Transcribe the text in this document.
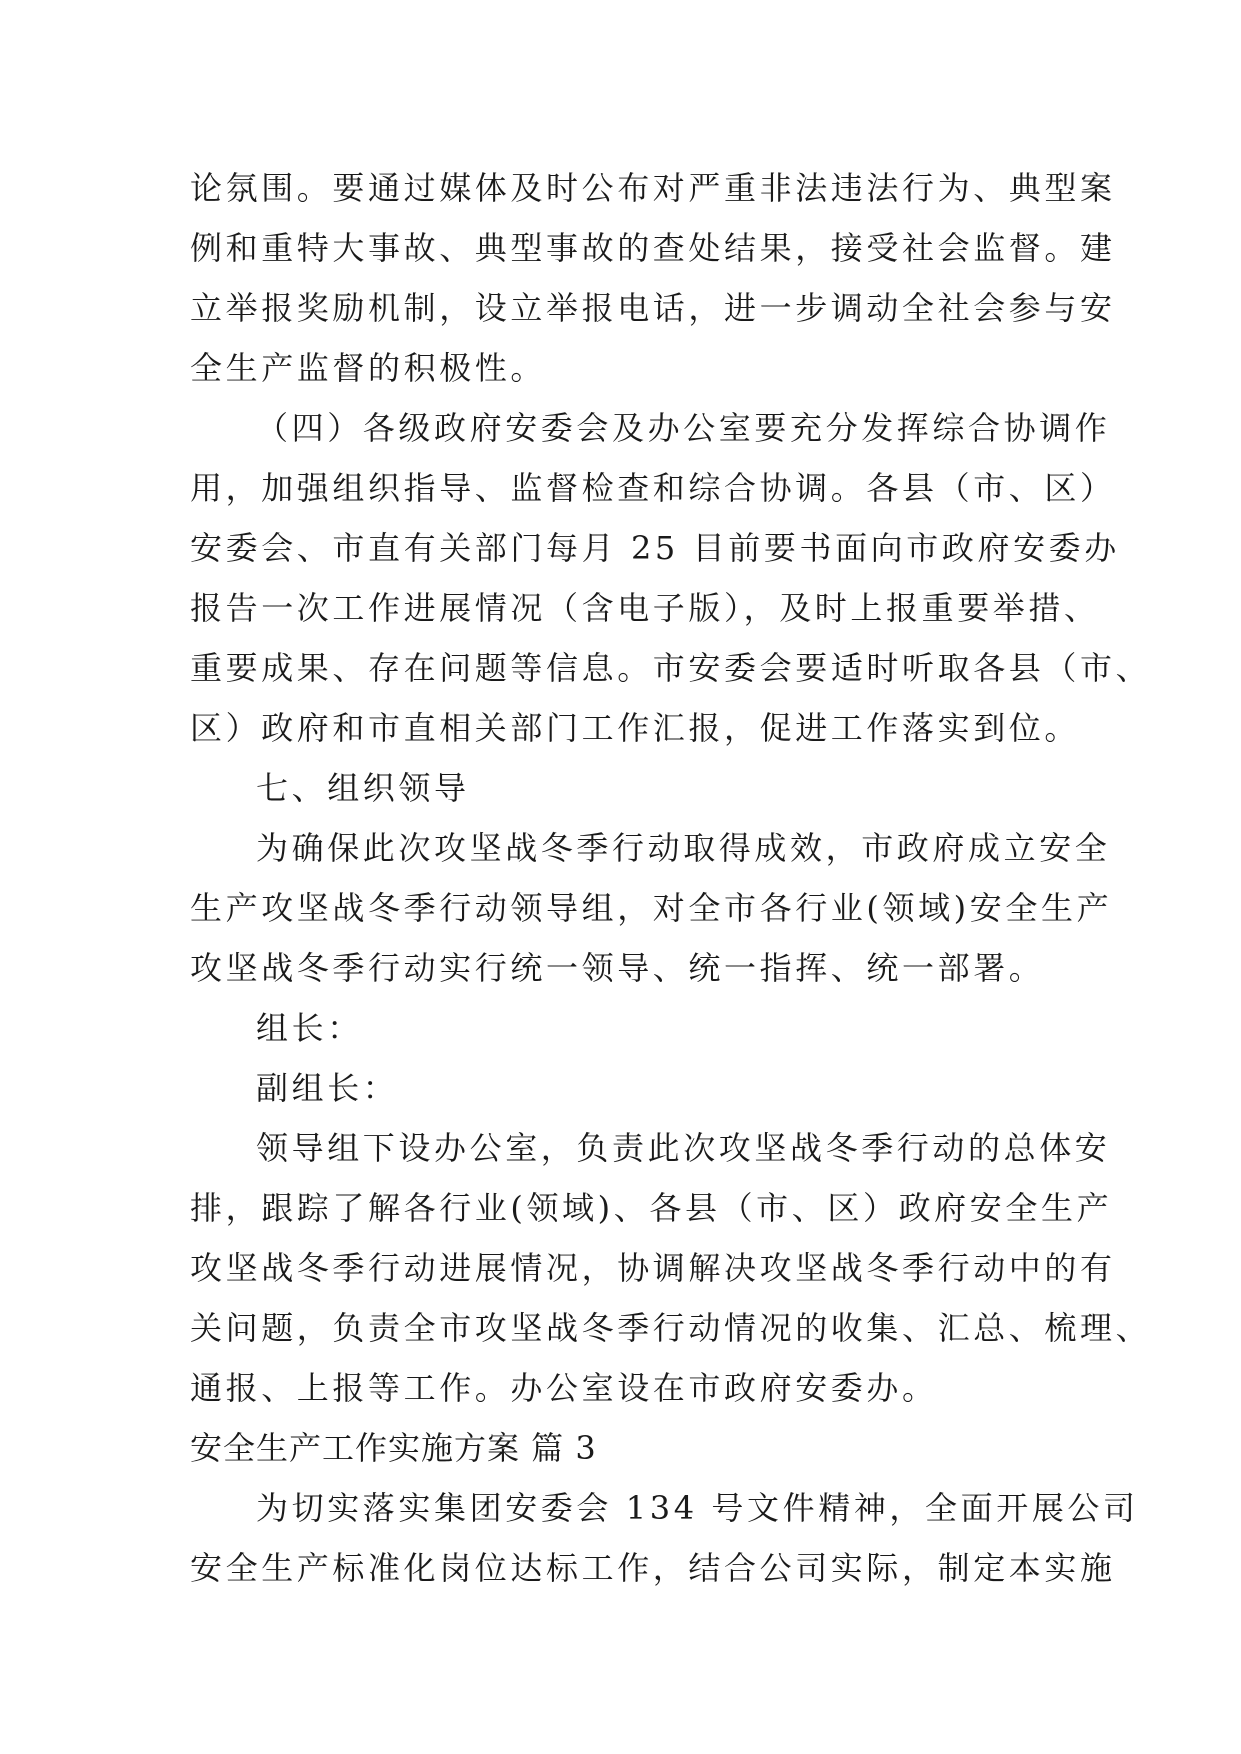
论氛围。要通过媒体及时公布对严重非法违法行为、典型案
例和重特大事故、典型事故的查处结果，接受社会监督。建
立举报奖励机制，设立举报电话，进一步调动全社会参与安
全生产监督的积极性。
（四）各级政府安委会及办公室要充分发挥综合协调作
用，加强组织指导、监督检查和综合协调。各县（市、区）
安委会、市直有关部门每月 25 目前要书面向市政府安委办
报告一次工作进展情况（含电子版），及时上报重要举措、
重要成果、存在问题等信息。市安委会要适时听取各县（市、
区）政府和市直相关部门工作汇报，促进工作落实到位。
七、组织领导
为确保此次攻坚战冬季行动取得成效，市政府成立安全
生产攻坚战冬季行动领导组，对全市各行业(领域)安全生产
攻坚战冬季行动实行统一领导、统一指挥、统一部署。
组长：
副组长：
领导组下设办公室，负责此次攻坚战冬季行动的总体安
排，跟踪了解各行业(领域)、各县（市、区）政府安全生产
攻坚战冬季行动进展情况，协调解决攻坚战冬季行动中的有
关问题，负责全市攻坚战冬季行动情况的收集、汇总、梳理、
通报、上报等工作。办公室设在市政府安委办。
安全生产工作实施方案 篇 3
为切实落实集团安委会 134 号文件精神，全面开展公司
安全生产标准化岗位达标工作，结合公司实际，制定本实施
